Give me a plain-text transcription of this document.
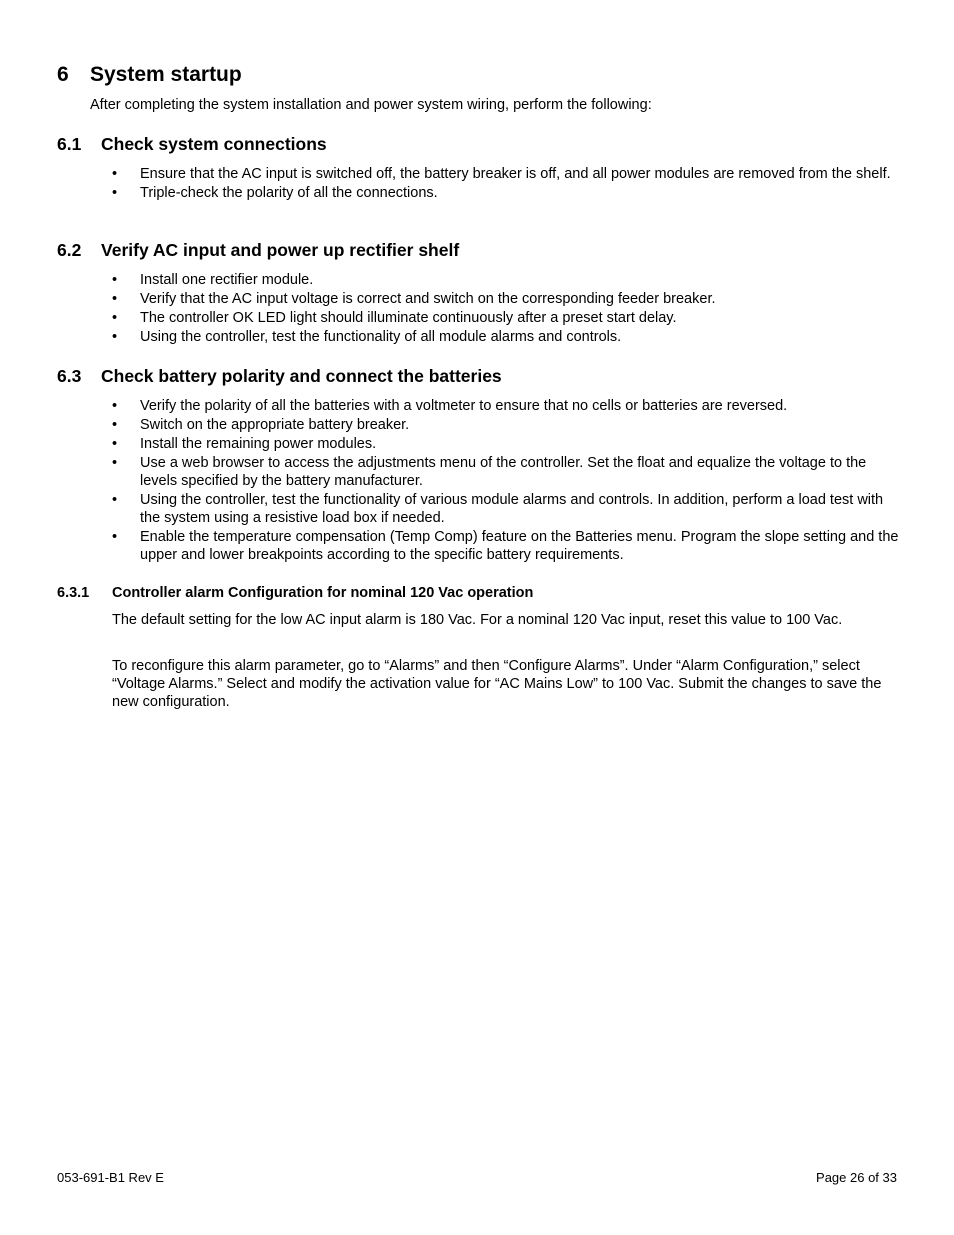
6 System startup

After completing the system installation and power system wiring, perform the following:

6.1 Check system connections
•	Ensure that the AC input is switched off, the battery breaker is off, and all power modules are removed from the shelf.
•	Triple-check the polarity of all the connections.
6.2 Verify AC input and power up rectifier shelf
•	Install one rectifier module.
•	Verify that the AC input voltage is correct and switch on the corresponding feeder breaker.
•	The controller OK LED light should illuminate continuously after a preset start delay.
•	Using the controller, test the functionality of all module alarms and controls.
6.3 Check battery polarity and connect the batteries
•	Verify the polarity of all the batteries with a voltmeter to ensure that no cells or batteries are reversed.
•	Switch on the appropriate battery breaker.
•	Install the remaining power modules.
•	Use a web browser to access the adjustments menu of the controller. Set the float and equalize the voltage to the levels specified by the battery manufacturer.
•	Using the controller, test the functionality of various module alarms and controls. In addition, perform a load test with the system using a resistive load box if needed.
•	Enable the temperature compensation (Temp Comp) feature on the Batteries menu. Program the slope setting and the upper and lower breakpoints according to the specific battery requirements.
6.3.1 Controller alarm Configuration for nominal 120 Vac operation

The default setting for the low AC input alarm is 180 Vac. For a nominal 120 Vac input, reset this value to 100 Vac.

To reconfigure this alarm parameter, go to “Alarms” and then “Configure Alarms”. Under “Alarm Configuration,” select “Voltage Alarms.” Select and modify the activation value for “AC Mains Low” to 100 Vac. Submit the changes to save the new configuration.

053-691-B1 Rev E	Page 26 of 33
